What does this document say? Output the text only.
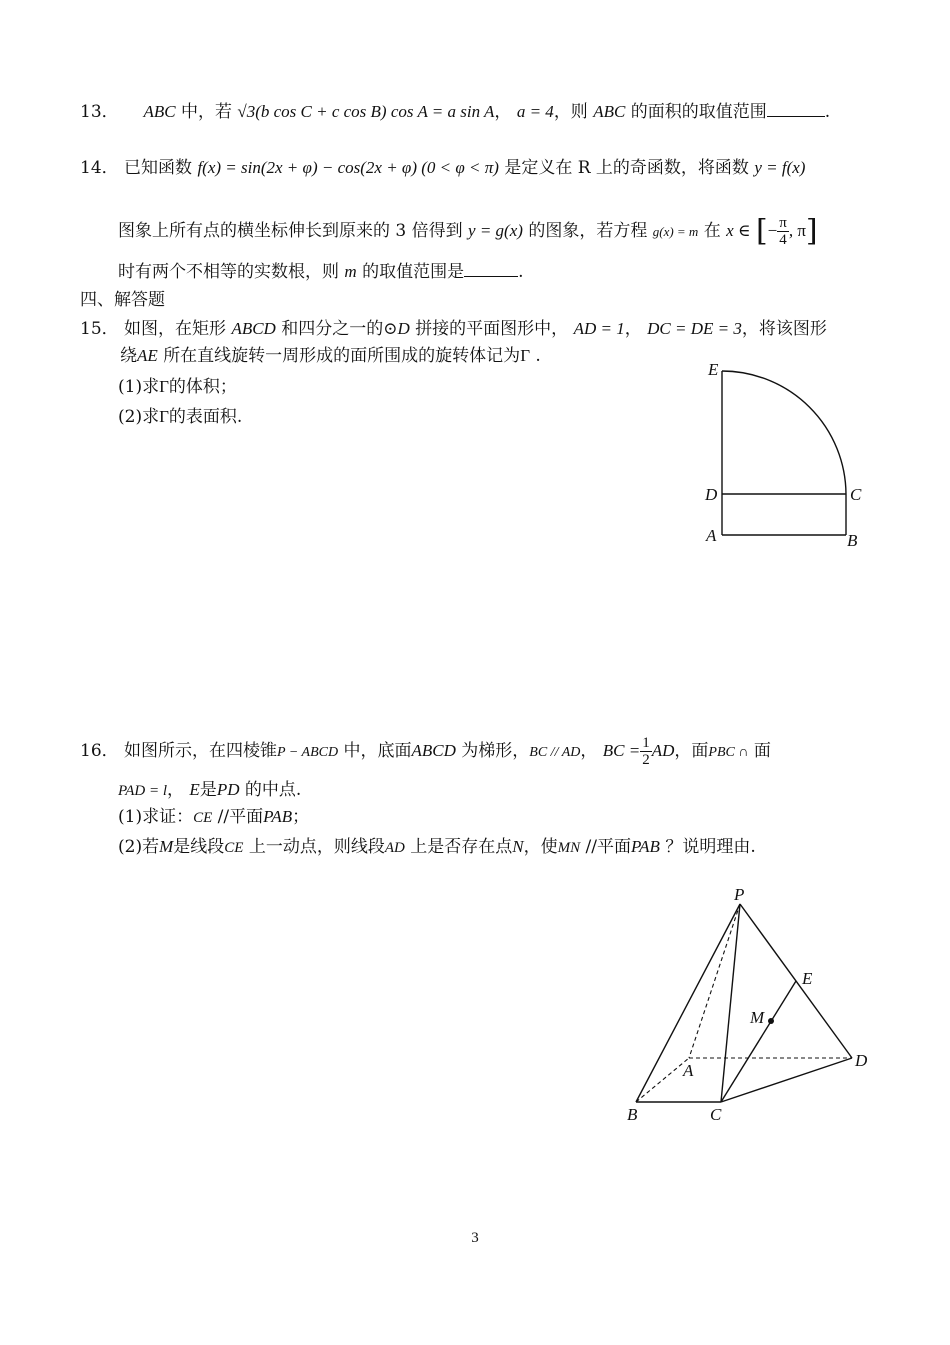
13． ABC 中，若 √3(b cos C + c cos B) cos A = a sin A， a = 4，则 ABC 的面积的取值范围	.
14． 已知函数 f(x) = sin(2x + φ) − cos(2x + φ) (0 < φ < π) 是定义在 R 上的奇函数，将函数 y = f(x)
图象上所有点的横坐标伸长到原来的 3 倍得到 y = g(x) 的图象，若方程 g(x) = m 在 x ∈ [− $\frac{\pi}{4}$ , π]
时有两个不相等的实数根，则 m 的取值范围是	.
四、解答题
15． 如图，在矩形 ABCD 和四分之一的⊙D 拼接的平面图形中， AD = 1， DC = DE = 3，将该图形
绕AE 所在直线旋转一周形成的面所围成的旋转体记为Γ .
(1)求Γ的体积；
(2)求Γ的表面积.
E
D	C
A	B
16． 如图所示，在四棱锥P − ABCD 中，底面ABCD 为梯形，BC // AD， BC = $\frac{1}{2}$ AD，面PBC ∩ 面
PAD = l， E是PD 的中点.
(1)求证：CE //平面PAB；
(2)若M是线段CE 上一动点，则线段AD 上是否存在点N，使MN //平面PAB ？说明理由.
P
E
M
A
D
B	C
3
